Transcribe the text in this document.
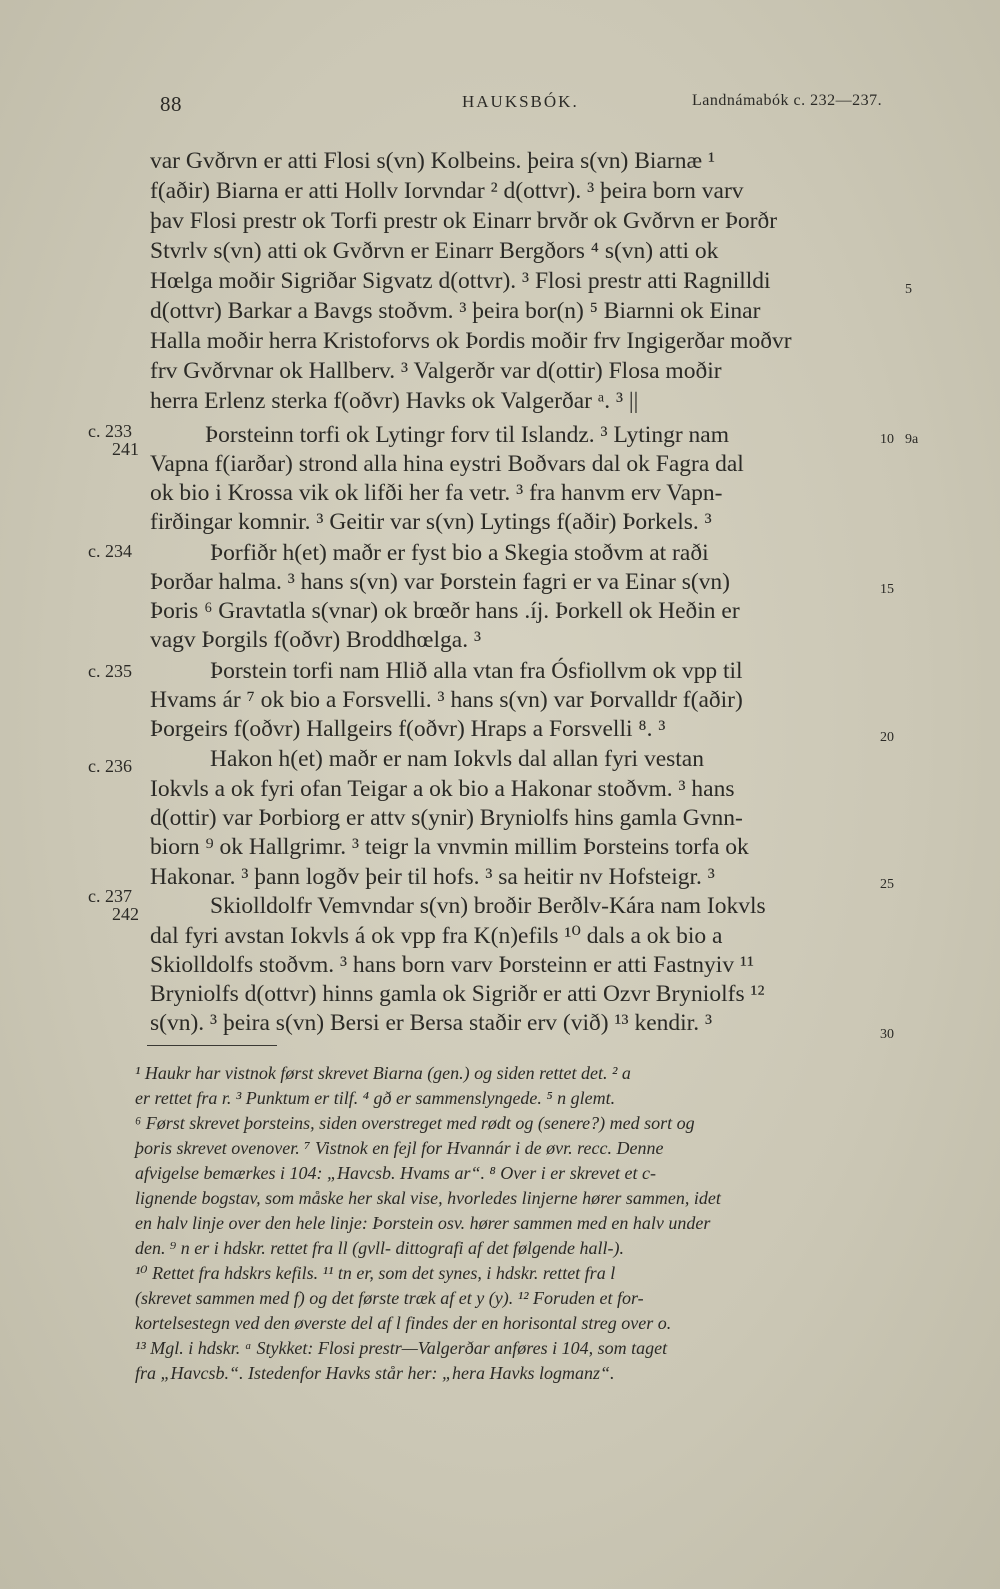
88	HAUKSBÓK.	Landnámabók c. 232—237.
var Gvðrvn er atti Flosi s(vn) Kolbeins. þeira s(vn) Biarnæ ¹
f(aðir) Biarna er atti Hollv Iorvndar ² d(ottvr). ³ þeira born varv
þav Flosi prestr ok Torfi prestr ok Einarr brvðr ok Gvðrvn er Þorðr
Stvrlv s(vn) atti ok Gvðrvn er Einarr Bergðors ⁴ s(vn) atti ok
Hœlga moðir Sigriðar Sigvatz d(ottvr). ³ Flosi prestr atti Ragnilldi
d(ottvr) Barkar a Bavgs stoðvm. ³ þeira bor(n) ⁵ Biarnni ok Einar
Halla moðir herra Kristoforvs ok Þordis moðir frv Ingigerðar moðvr
frv Gvðrvnar ok Hallberv. ³ Valgerðr var d(ottir) Flosa moðir
herra Erlenz sterka f(oðvr) Havks ok Valgerðar ᵃ. ³ ||
Þorsteinn torfi ok Lytingr forv til Islandz. ³ Lytingr nam
Vapna f(iarðar) strond alla hina eystri Boðvars dal ok Fagra dal
ok bio i Krossa vik ok lifði her fa vetr. ³ fra hanvm erv Vapn-
firðingar komnir. ³ Geitir var s(vn) Lytings f(aðir) Þorkels. ³
Þorfiðr h(et) maðr er fyst bio a Skegia stoðvm at raði
Þorðar halma. ³ hans s(vn) var Þorstein fagri er va Einar s(vn)
Þoris ⁶ Gravtatla s(vnar) ok brœðr hans .íj. Þorkell ok Heðin er
vagv Þorgils f(oðvr) Broddhœlga. ³
Þorstein torfi nam Hlið alla vtan fra Ósfiollvm ok vpp til
Hvams ár ⁷ ok bio a Forsvelli. ³ hans s(vn) var Þorvalldr f(aðir)
Þorgeirs f(oðvr) Hallgeirs f(oðvr) Hraps a Forsvelli ⁸. ³
Hakon h(et) maðr er nam Iokvls dal allan fyri vestan
Iokvls a ok fyri ofan Teigar a ok bio a Hakonar stoðvm. ³ hans
d(ottir) var Þorbiorg er attv s(ynir) Bryniolfs hins gamla Gvnn-
biorn ⁹ ok Hallgrimr. ³ teigr la vnvmin millim Þorsteins torfa ok
Hakonar. ³ þann logðv þeir til hofs. ³ sa heitir nv Hofsteigr. ³
Skiolldolfr Vemvndar s(vn) broðir Berðlv-Kára nam Iokvls
dal fyri avstan Iokvls á ok vpp fra K(n)efils ¹⁰ dals a ok bio a
Skiolldolfs stoðvm. ³ hans born varv Þorsteinn er atti Fastnyiv ¹¹
Bryniolfs d(ottvr) hinns gamla ok Sigriðr er atti Ozvr Bryniolfs ¹²
s(vn). ³ þeira s(vn) Bersi er Bersa staðir erv (við) ¹³ kendir. ³
c. 233
241
c. 234
c. 235
c. 236
c. 237
242
5
10
15
20
25
30
9a
¹ Haukr har vistnok først skrevet Biarna (gen.) og siden rettet det. ² a
er rettet fra r. ³ Punktum er tilf. ⁴ gð er sammenslyngede. ⁵ n glemt.
⁶ Først skrevet þorsteins, siden overstreget med rødt og (senere?) med sort og
þoris skrevet ovenover. ⁷ Vistnok en fejl for Hvannár i de øvr. recc. Denne
afvigelse bemærkes i 104: „Havcsb. Hvams ar“. ⁸ Over i er skrevet et c-
lignende bogstav, som måske her skal vise, hvorledes linjerne hører sammen, idet
en halv linje over den hele linje: Þorstein osv. hører sammen med en halv under
den. ⁹ n er i hdskr. rettet fra ll (gvll- dittografi af det følgende hall-).
¹⁰ Rettet fra hdskrs kefils. ¹¹ tn er, som det synes, i hdskr. rettet fra l
(skrevet sammen med f) og det første træk af et y (y). ¹² Foruden et for-
kortelsestegn ved den øverste del af l findes der en horisontal streg over o.
¹³ Mgl. i hdskr. ᵃ Stykket: Flosi prestr—Valgerðar anføres i 104, som taget
fra „Havcsb.“. Istedenfor Havks står her: „hera Havks logmanz“.
